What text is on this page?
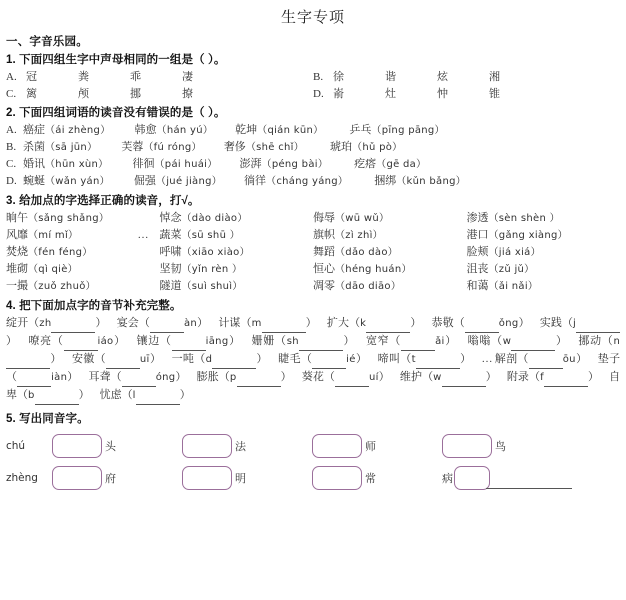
生字专项
一、字音乐园。
1. 下面四组生字中声母相同的一组是（ ）。
A. 冠	粪	乖	凄	B. 徐	谐	炫	湘
C. 篱	颅	挪	撩	D. 嵛	灶	忡	锥
2. 下面四组词语的读音没有错误的是（ ）。
A. 癌症（ái zhèng） 韩愈（hán yú） 乾坤（qián kūn） 乒乓（pīng pāng）
B. 杀菌（sā jūn） 芙蓉（fú róng） 奢侈（shē chǐ） 琥珀（hǔ pò）
C. 婚讯（hūn xùn） 徘徊（pái huái） 澎湃（péng bài） 疙瘩（gē da）
D. 蜿蜒（wǎn yán） 倔强（jué jiàng） 徜徉（cháng yáng） 捆绑（kǔn bǎng）
3. 给加点的字选择正确的读音，打√。
晌午（sǎng shǎng）	悼念（dào diào）	侮辱（wū wǔ）	渗透（sèn shèn ）
风靡（mí mǐ）	… 蔬菜（sū shū ）	旗帜（zì zhì）	港口（gǎng xiàng）
焚烧（fén féng）	呼啸（xiāo xiào）	舞蹈（dǎo dào）	脸颊（jiá xiá）
堆砌（qì qiè）	坚韧（yǐn rèn ）	恒心（héng huán）	沮丧（zǔ jǔ）
一撮（zuǒ zhuǒ）	隧道（suì shuì）	凋零（dāo diāo）	和蔼（ǎi nǎi）
4. 把下面加点字的音节补充完整。
绽开（zh	） 宴会（	àn） 计谋（m	） 扩大（k	） 恭敬（	ǒng） 实践（j ） 嘹亮（	iáo） 镶边（	iāng） 姗姗（sh	） 宽窄（	ǎi） 嗡嗡（w	） 挪动（n ） 安徽（	uī） 一吨（d	） 睫毛（	ié） 啼叫（t	） …解剖（	ōu） 垫子（	iàn） 耳聋（	óng） 膨胀（p	） 葵花（	uí） 维护（w	） 附录（f	） 自卑（b	） 忧虑（l	）
5. 写出同音字。
chú	头	法	师	鸟
zhèng	府	明	常	病
